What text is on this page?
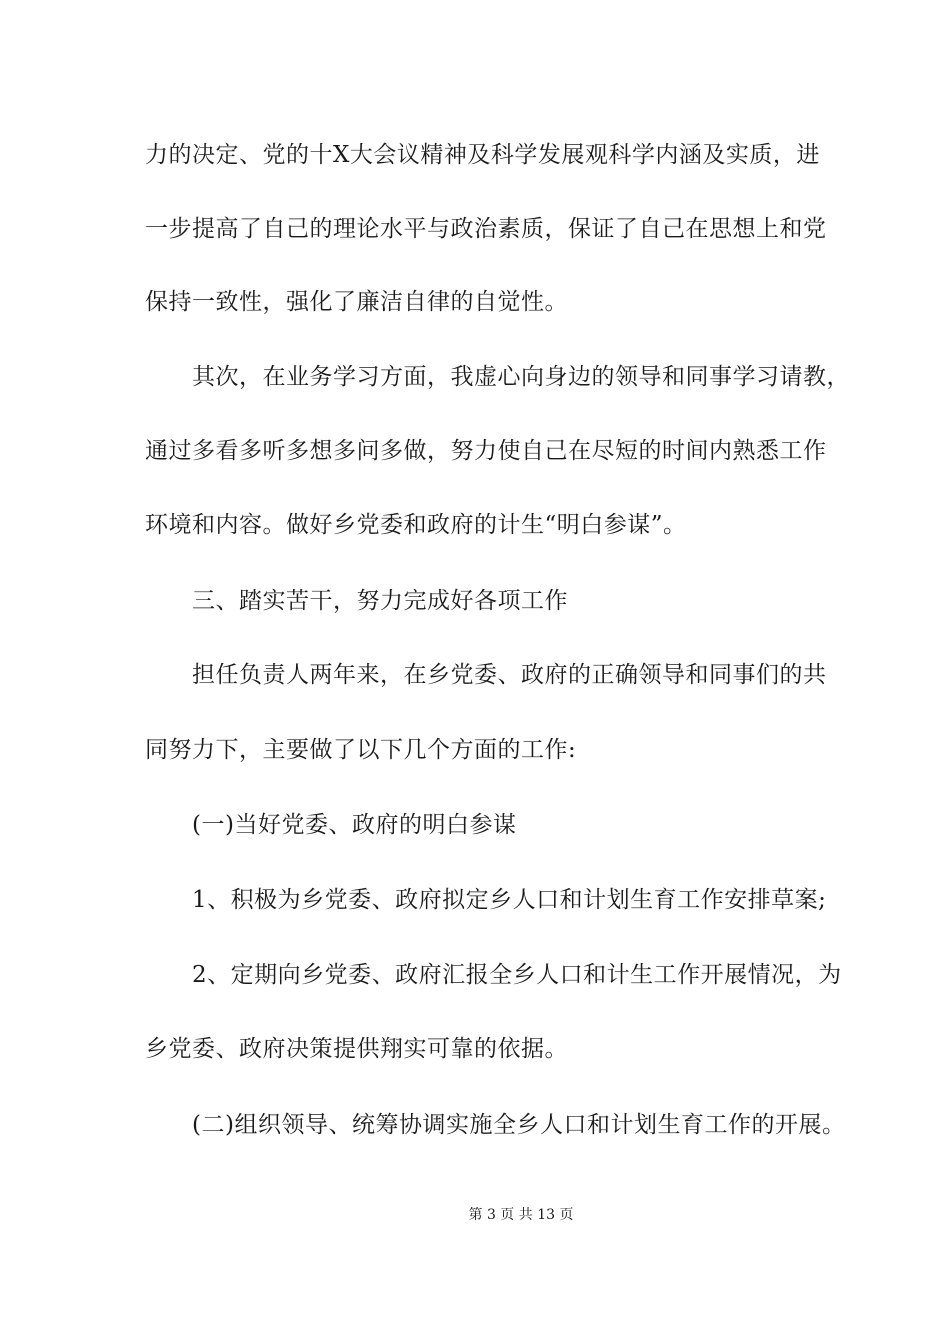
力的决定、党的十X大会议精神及科学发展观科学内涵及实质，进
一步提高了自己的理论水平与政治素质，保证了自己在思想上和党
保持一致性，强化了廉洁自律的自觉性。
其次，在业务学习方面，我虚心向身边的领导和同事学习请教，
通过多看多听多想多问多做，努力使自己在尽短的时间内熟悉工作
环境和内容。做好乡党委和政府的计生“明白参谋”。
三、踏实苦干，努力完成好各项工作
担任负责人两年来，在乡党委、政府的正确领导和同事们的共
同努力下，主要做了以下几个方面的工作:
(一)当好党委、政府的明白参谋
1、积极为乡党委、政府拟定乡人口和计划生育工作安排草案;
2、定期向乡党委、政府汇报全乡人口和计生工作开展情况，为
乡党委、政府决策提供翔实可靠的依据。
(二)组织领导、统筹协调实施全乡人口和计划生育工作的开展。
第 3 页 共 13 页
